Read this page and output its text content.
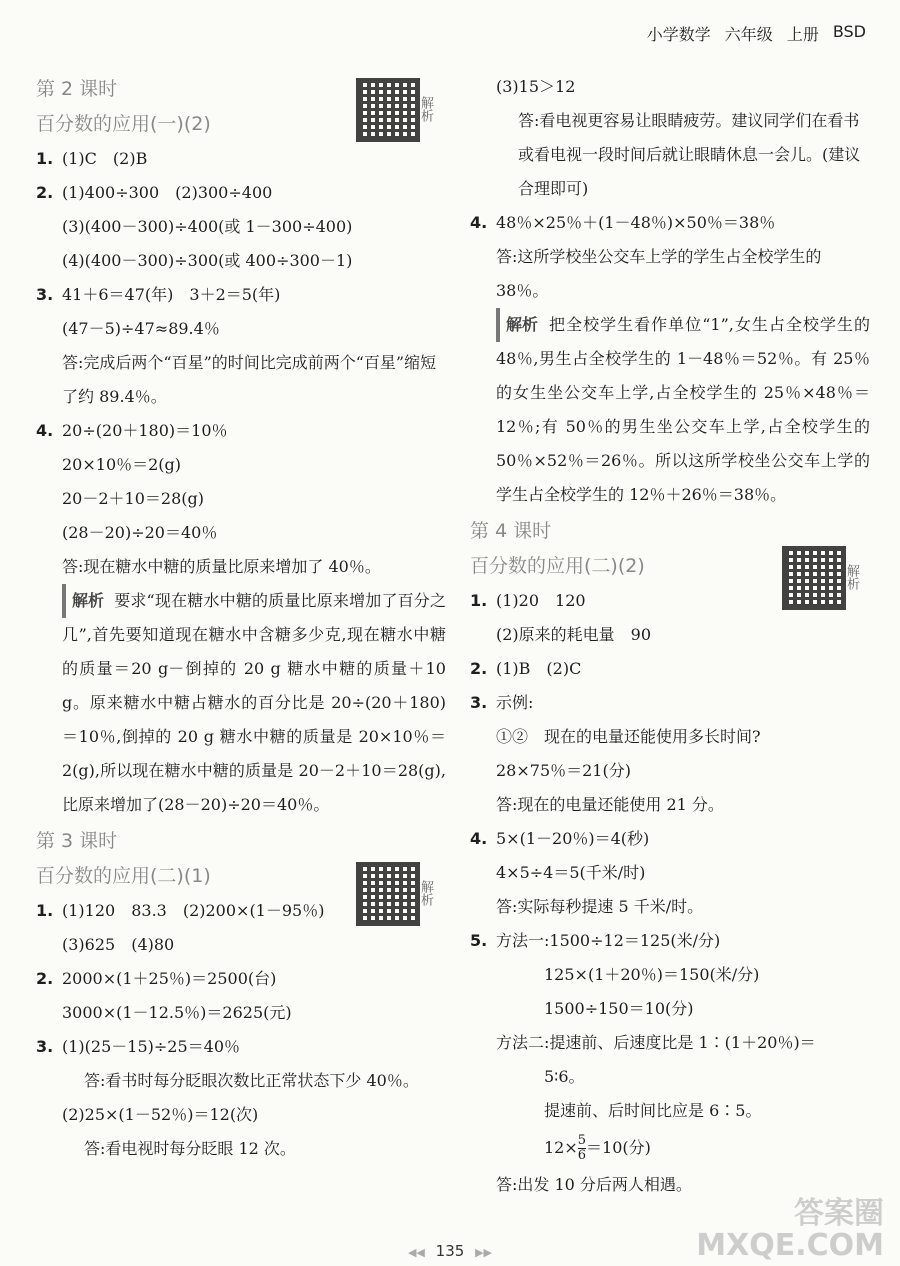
小学数学 六年级 上册 BSD
第 2 课时
百分数的应用(一)(2)
1. (1)C　(2)B
2. (1)400÷300　(2)300÷400
(3)(400－300)÷400(或 1－300÷400)
(4)(400－300)÷300(或 400÷300－1)
3. 41＋6＝47(年)　3＋2＝5(年)
(47－5)÷47≈89.4％
答:完成后两个“百星”的时间比完成前两个“百星”缩短了约 89.4％。
4. 20÷(20＋180)＝10％
20×10％＝2(g)
20－2＋10＝28(g)
(28－20)÷20＝40％
答:现在糖水中糖的质量比原来增加了 40％。
解析 要求“现在糖水中糖的质量比原来增加了百分之几”,首先要知道现在糖水中含糖多少克,现在糖水中糖的质量＝20 g－倒掉的 20 g 糖水中糖的质量＋10 g。原来糖水中糖占糖水的百分比是 20÷(20＋180)＝10％,倒掉的 20 g 糖水中糖的质量是 20×10％＝2(g),所以现在糖水中糖的质量是 20－2＋10＝28(g),比原来增加了(28－20)÷20＝40％。
第 3 课时
百分数的应用(二)(1)
1. (1)120　83.3　(2)200×(1－95％)
(3)625　(4)80
2. 2000×(1＋25％)＝2500(台)
3000×(1－12.5％)＝2625(元)
3. (1)(25－15)÷25＝40％
答:看书时每分眨眼次数比正常状态下少 40％。
(2)25×(1－52％)＝12(次)
答:看电视时每分眨眼 12 次。
解析
解析
(3)15＞12
答:看电视更容易让眼睛疲劳。建议同学们在看书或看电视一段时间后就让眼睛休息一会儿。(建议合理即可)
4. 48％×25％＋(1－48％)×50％＝38％
答:这所学校坐公交车上学的学生占全校学生的 38％。
解析 把全校学生看作单位“1”,女生占全校学生的 48％,男生占全校学生的 1－48％＝52％。有 25％的女生坐公交车上学,占全校学生的 25％×48％＝12％;有 50％的男生坐公交车上学,占全校学生的 50％×52％＝26％。所以这所学校坐公交车上学的学生占全校学生的 12％＋26％＝38％。
第 4 课时
百分数的应用(二)(2)
1. (1)20　120
(2)原来的耗电量　90
2. (1)B　(2)C
3. 示例:
①②　现在的电量还能使用多长时间?
28×75％＝21(分)
答:现在的电量还能使用 21 分。
4. 5×(1－20％)＝4(秒)
4×5÷4＝5(千米/时)
答:实际每秒提速 5 千米/时。
5. 方法一:1500÷12＝125(米/分)
125×(1＋20％)＝150(米/分)
1500÷150＝10(分)
方法二:提速前、后速度比是 1∶(1＋20％)＝
5∶6。
提速前、后时间比应是 6∶5。
$12\times \frac{5}{6} =10$(分)
答:出发 10 分后两人相遇。
解析
◀◀ 135 ▶▶
答案圈
MXQE.COM
